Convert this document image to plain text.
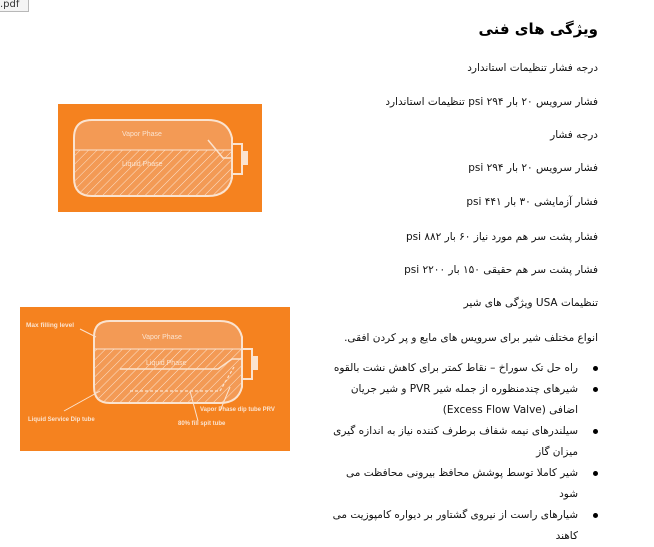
.pdf
ویژگی های فنی
درجه فشار تنظیمات استاندارد
فشار سرویس ۲۰ بار ۲۹۴ psi تنظیمات استاندارد
درجه فشار
فشار سرویس ۲۰ بار ۲۹۴ psi
فشار آزمایشی ۳۰ بار ۴۴۱ psi
فشار پشت سر هم مورد نیاز ۶۰ بار ۸۸۲ psi
فشار پشت سر هم حقیقی ۱۵۰ بار ۲۲۰۰ psi
تنظیمات USA ویژگی های شیر
انواع مختلف شیر برای سرویس های مایع و پر کردن افقی.
راه حل تک سوراخ – نقاط کمتر برای کاهش نشت بالقوه
شیرهای چندمنظوره از جمله شیر PVR و شیر جریان اضافی (Excess Flow Valve)
سیلندرهای نیمه شفاف برطرف کننده نیاز به اندازه گیری میزان گاز
شیر کاملا توسط پوشش محافظ بیرونی محافظت می شود
شیارهای راست از نیروی گشتاور بر دیواره کامپوزیت می کاهند
Vapor Phase
Liquid Phase
Max filling level
Vapor Phase
Liquid Phase
Liquid Service Dip tube
Vapor Phase dip tube PRV
80% fill spit tube
